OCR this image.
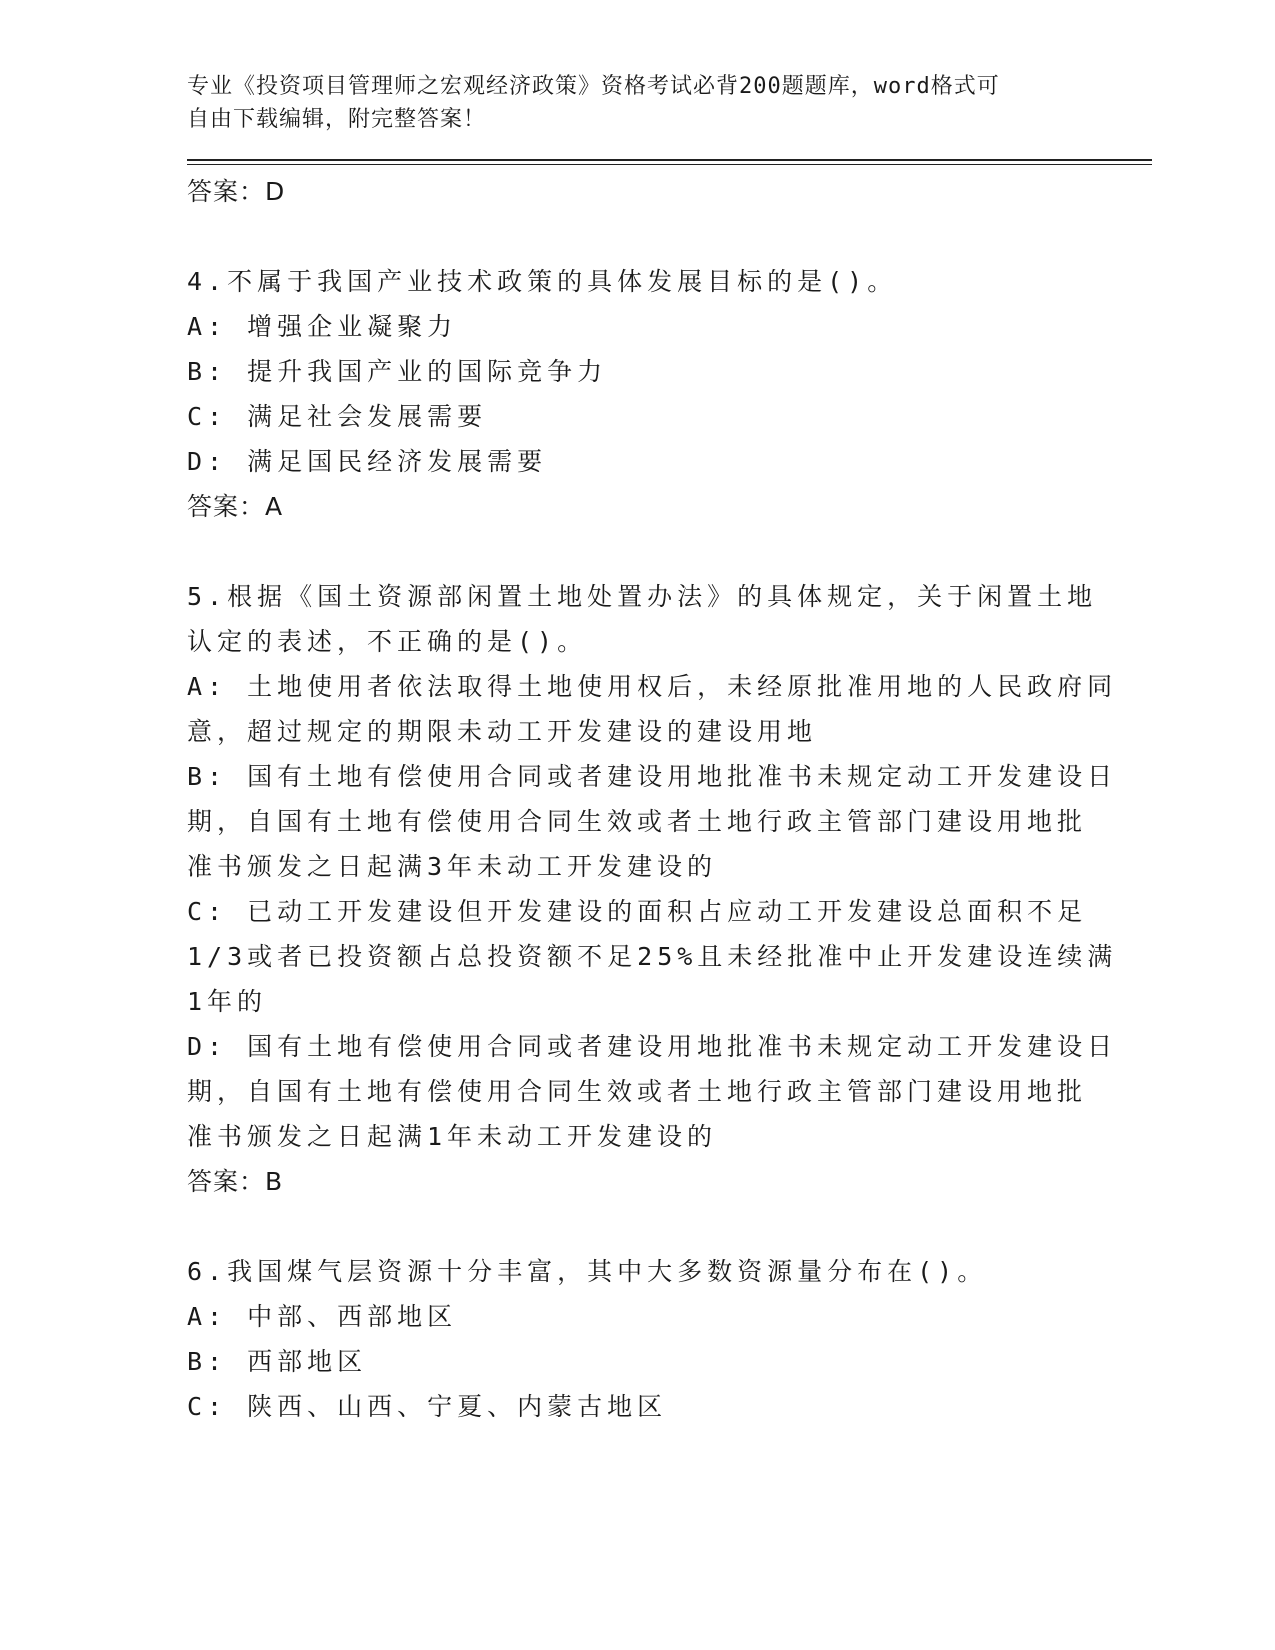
专业《投资项目管理师之宏观经济政策》资格考试必背200题题库，word格式可
自由下载编辑，附完整答案！
答案：D
4.不属于我国产业技术政策的具体发展目标的是()。
A: 增强企业凝聚力
B: 提升我国产业的国际竞争力
C: 满足社会发展需要
D: 满足国民经济发展需要
答案：A
5.根据《国土资源部闲置土地处置办法》的具体规定，关于闲置土地
认定的表述，不正确的是()。
A: 土地使用者依法取得土地使用权后，未经原批准用地的人民政府同
意，超过规定的期限未动工开发建设的建设用地
B: 国有土地有偿使用合同或者建设用地批准书未规定动工开发建设日
期，自国有土地有偿使用合同生效或者土地行政主管部门建设用地批
准书颁发之日起满3年未动工开发建设的
C: 已动工开发建设但开发建设的面积占应动工开发建设总面积不足
1/3或者已投资额占总投资额不足25%且未经批准中止开发建设连续满
1年的
D: 国有土地有偿使用合同或者建设用地批准书未规定动工开发建设日
期，自国有土地有偿使用合同生效或者土地行政主管部门建设用地批
准书颁发之日起满1年未动工开发建设的
答案：B
6.我国煤气层资源十分丰富，其中大多数资源量分布在()。
A: 中部、西部地区
B: 西部地区
C: 陕西、山西、宁夏、内蒙古地区
